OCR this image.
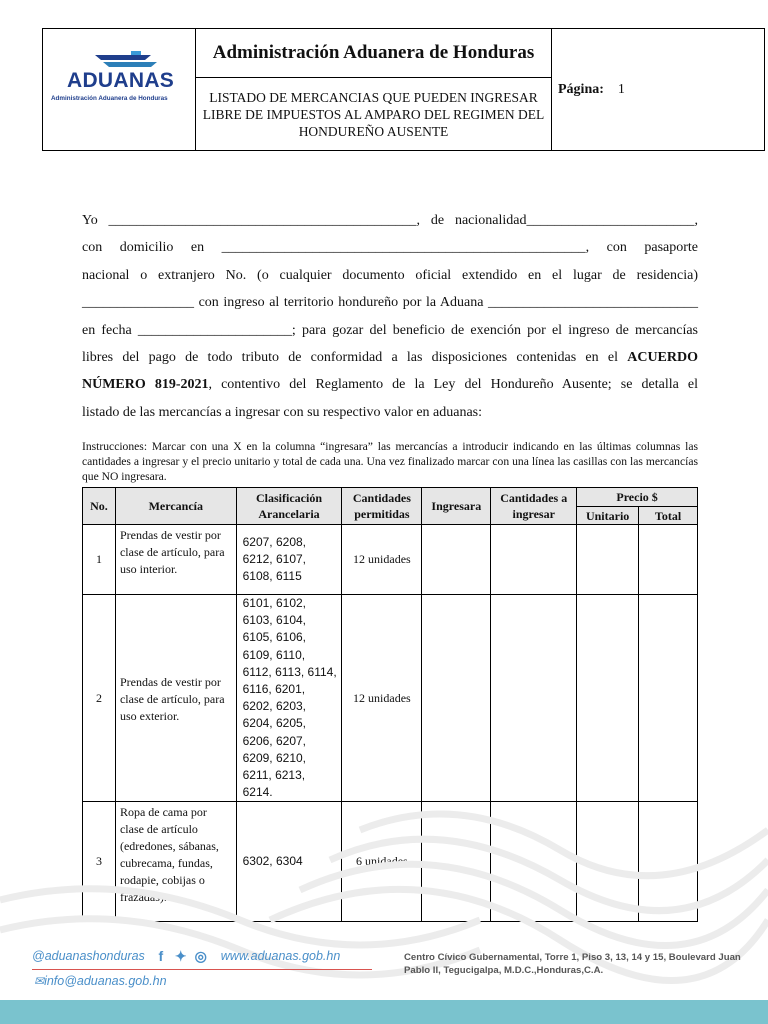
ADUANAS
Administración Aduanera de Honduras
Administración Aduanera de Honduras
LISTADO DE MERCANCIAS QUE PUEDEN INGRESAR LIBRE DE IMPUESTOS AL AMPARO DEL REGIMEN DEL HONDUREÑO AUSENTE
Página: 1

Yo ____________________________________________, de nacionalidad________________________,

con domicilio en ____________________________________________________, con pasaporte

nacional o extranjero No. (o cualquier documento oficial extendido en el lugar de residencia)

________________ con ingreso al territorio hondureño por la Aduana ______________________________

en fecha ______________________; para gozar del beneficio de exención por el ingreso de mercancías

libres del pago de todo tributo de conformidad a las disposiciones contenidas en el ACUERDO

NÚMERO 819-2021, contentivo del Reglamento de la Ley del Hondureño Ausente; se detalla el

listado de las mercancías a ingresar con su respectivo valor en aduanas:

Instrucciones: Marcar con una X en la columna “ingresara” las mercancías a introducir indicando en las últimas columnas las cantidades a ingresar y el precio unitario y total de cada una. Una vez finalizado marcar con una línea las casillas con las mercancías que NO ingresara.
No.	Mercancía	Clasificación Arancelaria	Cantidades permitidas	Ingresara	Cantidades a ingresar	Precio $	
						Unitario	Total
1	Prendas de vestir por clase de artículo, para uso interior.	6207, 6208, 6212, 6107, 6108, 6115	12 unidades				
2	Prendas de vestir por clase de artículo, para uso exterior.	6101, 6102, 6103, 6104, 6105, 6106, 6109, 6110, 6112, 6113, 6114, 6116, 6201, 6202, 6203, 6204, 6205, 6206, 6207, 6209, 6210, 6211, 6213, 6214.	12 unidades				
3	Ropa de cama por clase de artículo (edredones, sábanas, cubrecama, fundas, rodapie, cobijas o frazadas).	6302, 6304	6 unidades				
@aduanashonduras f ✦ ◎ www.aduanas.gob.hn
✉ info@aduanas.gob.hn
Centro Cívico Gubernamental, Torre 1, Piso 3, 13, 14 y 15, Boulevard Juan Pablo II, Tegucigalpa, M.D.C.,Honduras,C.A.
